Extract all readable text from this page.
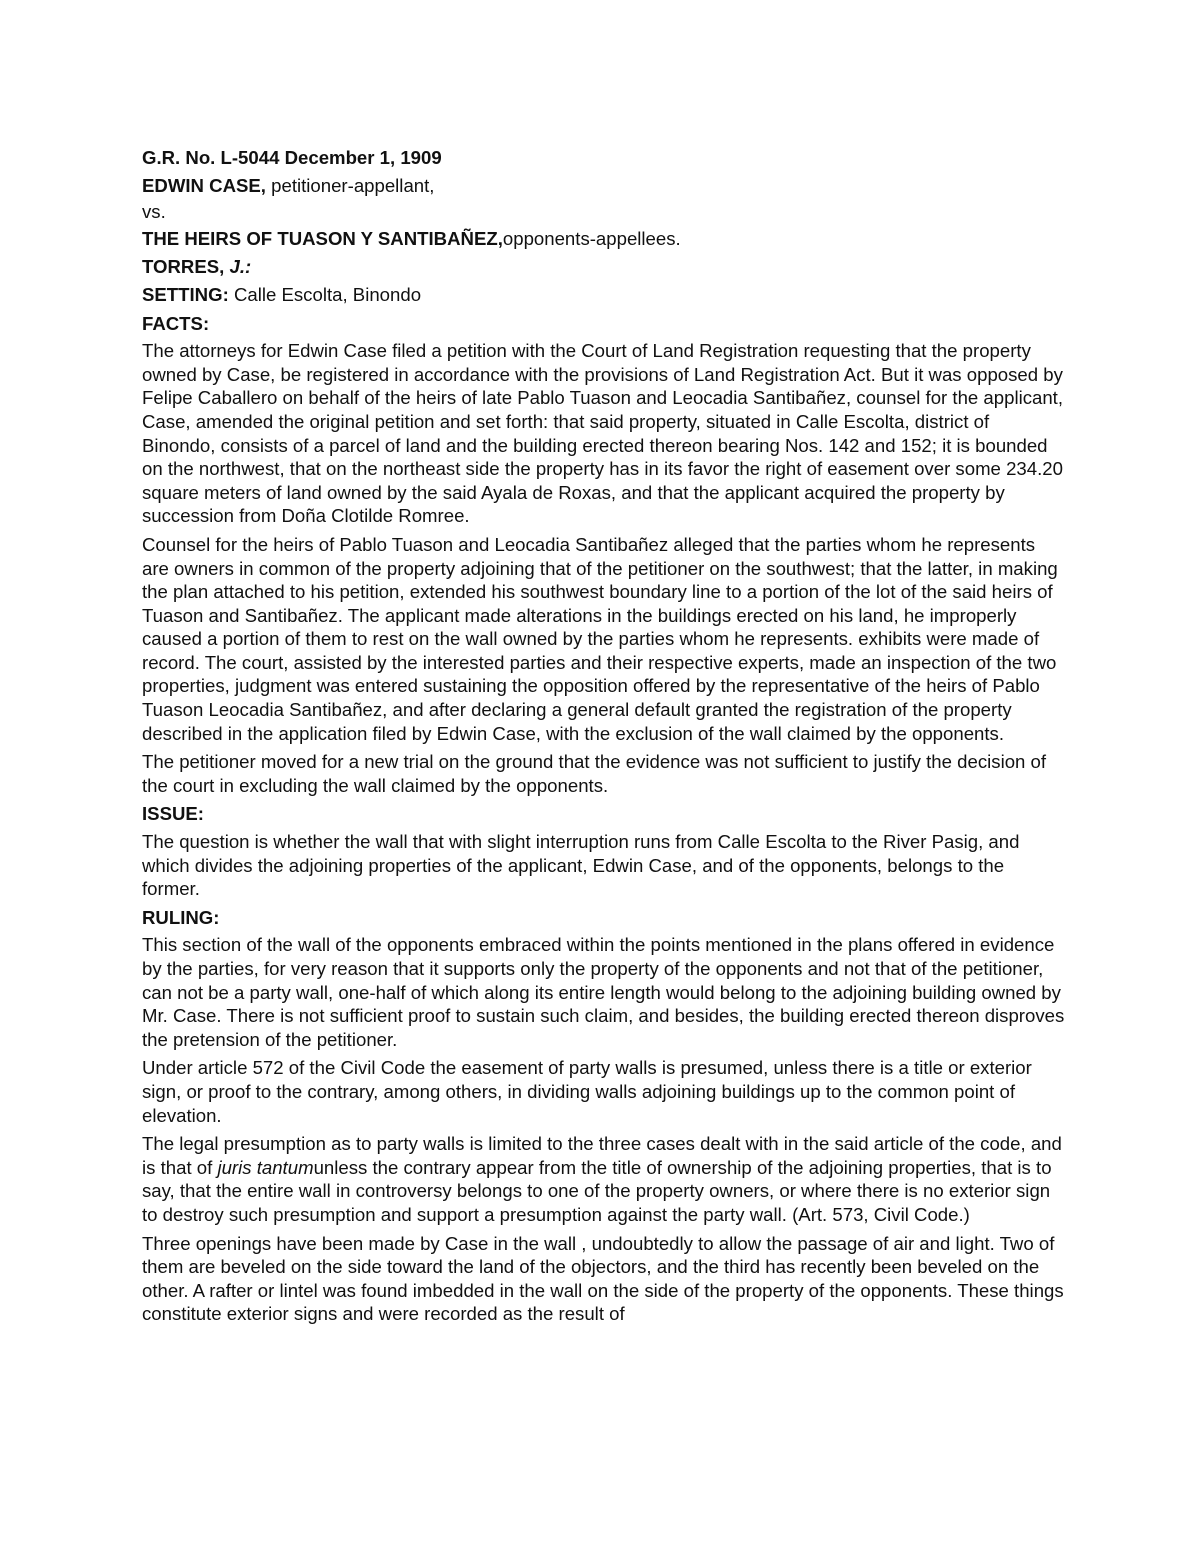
G.R. No. L-5044 December 1, 1909
EDWIN CASE, petitioner-appellant,
vs.
THE HEIRS OF TUASON Y SANTIBAÑEZ,opponents-appellees.
TORRES, J.:
SETTING: Calle Escolta, Binondo
FACTS:

The attorneys for Edwin Case filed a petition with the Court of Land Registration requesting that the property owned by Case, be registered in accordance with the provisions of Land Registration Act. But it was opposed by Felipe Caballero on behalf of the heirs of late Pablo Tuason and Leocadia Santibañez, counsel for the applicant, Case, amended the original petition and set forth: that said property, situated in Calle Escolta, district of Binondo, consists of a parcel of land and the building erected thereon bearing Nos. 142 and 152; it is bounded on the northwest, that on the northeast side the property has in its favor the right of easement over some 234.20 square meters of land owned by the said Ayala de Roxas, and that the applicant acquired the property by succession from Doña Clotilde Romree.

Counsel for the heirs of Pablo Tuason and Leocadia Santibañez alleged that the parties whom he represents are owners in common of the property adjoining that of the petitioner on the southwest; that the latter, in making the plan attached to his petition, extended his southwest boundary line to a portion of the lot of the said heirs of Tuason and Santibañez. The applicant made alterations in the buildings erected on his land, he improperly caused a portion of them to rest on the wall owned by the parties whom he represents. exhibits were made of record. The court, assisted by the interested parties and their respective experts, made an inspection of the two properties, judgment was entered sustaining the opposition offered by the representative of the heirs of Pablo Tuason Leocadia Santibañez, and after declaring a general default granted the registration of the property described in the application filed by Edwin Case, with the exclusion of the wall claimed by the opponents.

The petitioner moved for a new trial on the ground that the evidence was not sufficient to justify the decision of the court in excluding the wall claimed by the opponents.

ISSUE:

The question is whether the wall that with slight interruption runs from Calle Escolta to the River Pasig, and which divides the adjoining properties of the applicant, Edwin Case, and of the opponents, belongs to the former.

RULING:

This section of the wall of the opponents embraced within the points mentioned in the plans offered in evidence by the parties, for very reason that it supports only the property of the opponents and not that of the petitioner, can not be a party wall, one-half of which along its entire length would belong to the adjoining building owned by Mr. Case. There is not sufficient proof to sustain such claim, and besides, the building erected thereon disproves the pretension of the petitioner.

Under article 572 of the Civil Code the easement of party walls is presumed, unless there is a title or exterior sign, or proof to the contrary, among others, in dividing walls adjoining buildings up to the common point of elevation.

The legal presumption as to party walls is limited to the three cases dealt with in the said article of the code, and is that of juris tantumunless the contrary appear from the title of ownership of the adjoining properties, that is to say, that the entire wall in controversy belongs to one of the property owners, or where there is no exterior sign to destroy such presumption and support a presumption against the party wall. (Art. 573, Civil Code.)

Three openings have been made by Case in the wall , undoubtedly to allow the passage of air and light. Two of them are beveled on the side toward the land of the objectors, and the third has recently been beveled on the other. A rafter or lintel was found imbedded in the wall on the side of the property of the opponents. These things constitute exterior signs and were recorded as the result of
